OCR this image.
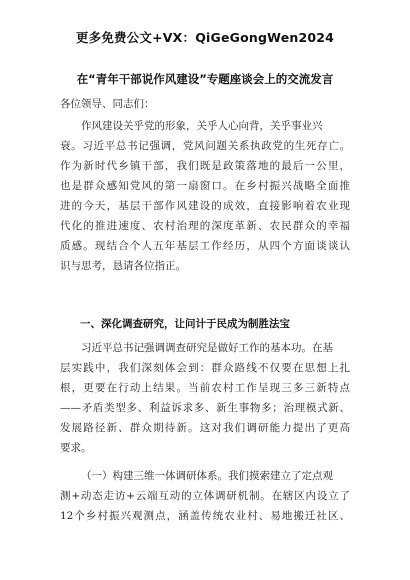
更多免费公文+VX：QiGeGongWen2024
在“青年干部说作风建设”专题座谈会上的交流发言
各位领导、同志们：
作风建设关乎党的形象，关乎人心向背，关乎事业兴
衰。习近平总书记强调，党风问题关系执政党的生死存亡。
作为新时代乡镇干部，我们既是政策落地的最后一公里，
也是群众感知党风的第一扇窗口。在乡村振兴战略全面推
进的今天，基层干部作风建设的成效，直接影响着农业现
代化的推进速度、农村治理的深度革新、农民群众的幸福
质感。现结合个人五年基层工作经历，从四个方面谈谈认
识与思考，恳请各位指正。
一、深化调查研究，让问计于民成为制胜法宝
习近平总书记强调调查研究是做好工作的基本功。在基
层实践中，我们深刻体会到：群众路线不仅要在思想上扎
根，更要在行动上结果。当前农村工作呈现三多三新特点
——矛盾类型多、利益诉求多、新生事物多；治理模式新、
发展路径新、群众期待新。这对我们调研能力提出了更高
要求。
（一）构建三维一体调研体系。我们摸索建立了定点观
测+动态走访+云端互动的立体调研机制。在辖区内设立了
12个乡村振兴观测点，涵盖传统农业村、易地搬迁社区、
